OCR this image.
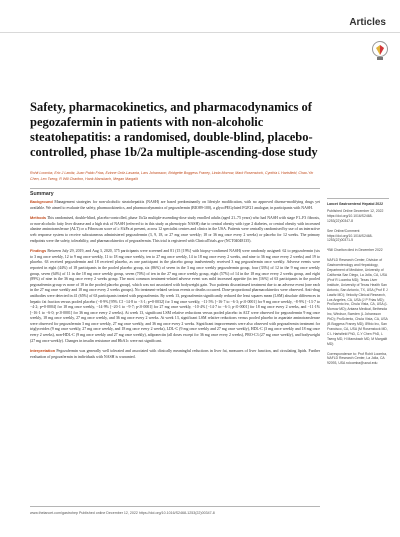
Articles
Safety, pharmacokinetics, and pharmacodynamics of pegozafermin in patients with non-alcoholic steatohepatitis: a randomised, double-blind, placebo-controlled, phase 1b/2a multiple-ascending-dose study
Rohit Loomba, Eric J Lawitz, Juan Pablo Frias, Ezinne Ortiz-Lasanta, Lars Johansson, Bridgette Boggess Franey, Linda Morrow, Mark Rosenstock, Cynthia L Hartsfield, Chao-Yin Chen, Leo Tseng, R Will Charlton, Hank Mansbach, Megan Margalit
Summary

Background Management strategies for non-alcoholic steatohepatitis (NASH) are based predominantly on lifestyle modification, with no approved disease-modifying drugs yet available. We aimed to evaluate the safety, pharmacokinetics, and pharmacodynamics of pegozafermin (BIO89-100), a glycoPEGylated FGF21 analogue, in participants with NASH.

Methods This randomised, double-blind, placebo-controlled, phase 1b/2a multiple-ascending-dose study enrolled adults (aged 21–75 years) who had NASH with stage F1–F3 fibrosis, or non-alcoholic fatty liver disease and a high risk of NASH (referred to in this study as phenotypic NASH) due to central obesity with type 2 diabetes, or central obesity with increased alanine aminotransferase (ALT) or a Fibroscan score of ≥ 8 kPa at present, across 12 specialist centres and clinics in the USA. Patients were centrally randomised by use of an interactive web response system to receive subcutaneous administered pegozafermin (3, 9, 18, or 27 mg once weekly; 18 or 36 mg once every 2 weeks) or placebo for 12 weeks. The primary endpoints were the safety, tolerability, and pharmacokinetics of pegozafermin. This trial is registered with ClinicalTrials.gov (NCT04048135).

Findings Between July 29, 2019, and Aug 3, 2020, 375 participants were screened and 81 (15 [19%] with biopsy-confirmed NASH) were randomly assigned: 62 to pegozafermin (six to 3 mg once weekly, 12 to 9 mg once weekly, 11 to 18 mg once weekly, ten to 27 mg once weekly, 14 to 18 mg once every 2 weeks, and nine to 36 mg once every 2 weeks) and 19 to placebo. 63 received pegozafermin and 18 received placebo, as one participant in the placebo group inadvertently received 3 mg pegozafermin once weekly. Adverse events were reported in eight (44%) of 18 participants in the pooled placebo group, six (86%) of seven in the 3 mg once weekly pegozafermin group, four (33%) of 12 in the 9 mg once weekly group, seven (64%) of 11 in the 18 mg once weekly group, seven (70%) of ten in the 27 mg once weekly group, eight (57%) of 14 in the 18 mg once every 2 weeks group, and eight (89%) of nine in the 36 mg once every 2 weeks group. The most common treatment-related adverse event was mild increased appetite (in ten [16%] of 63 participants in the pooled pegozafermin group vs none of 18 in the pooled placebo group), which was not associated with bodyweight gain. Two patients discontinued treatment due to an adverse event (one each in the 27 mg once weekly and 18 mg once every 2 weeks groups). No treatment-related serious events or deaths occurred. Dose-proportional pharmacokinetics were observed. Anti-drug antibodies were detected in 41 (65%) of 63 participants treated with pegozafermin. By week 13, pegozafermin significantly reduced the least squares mean (LSM) absolute differences in hepatic fat fraction versus pooled placebo (−8·9% [95% CI −14·8 to −3·1; p=0·0032] for 3 mg once weekly, −11·5% [−16·7 to −6·3; p<0·0001] for 9 mg once weekly, −8·9% [−13·7 to −4·2; p=0·0004] for 18 mg once weekly, −14·9% [−20·1 to −9·7; p<0·0001] for 27 mg once weekly, −10·4% [−14·7 to −6·1; p<0·0001] for 18 mg once every 2 weeks, and −11·1% [−16·1 to −6·0; p<0·0001] for 36 mg once every 2 weeks). At week 13, significant LSM relative reductions versus pooled placebo in ALT were observed for pegozafermin 9 mg once weekly, 18 mg once weekly, 27 mg once weekly, and 36 mg once every 2 weeks. At week 13, significant LSM relative reductions versus pooled placebo in aspartate aminotransferase were observed for pegozafermin 3 mg once weekly, 27 mg once weekly, and 36 mg once every 2 weeks. Significant improvements were also observed with pegozafermin treatment for triglycerides (9 mg once weekly, 27 mg once weekly, and 18 mg once every 2 weeks), LDL-C (9 mg once weekly and 27 mg once weekly), HDL-C (3 mg once weekly and 18 mg once every 2 weeks), non-HDL-C (9 mg once weekly and 27 mg once weekly), adiponectin (all doses except for 36 mg once every 2 weeks), PRO-C3 (27 mg once weekly), and bodyweight (27 mg once weekly). Changes in insulin resistance and HbA1c were not significant.

Interpretation Pegozafermin was generally well tolerated and associated with clinically meaningful reductions in liver fat, measures of liver function, and circulating lipids. Further evaluation of pegozafermin in individuals with NASH is warranted.

Lancet Gastroenterol Hepatol 2022
Published Online December 12, 2022 https://doi.org/10.1016/S2468-1253(22)00347-8
See Online/Comment https://doi.org/10.1016/S2468-1253(22)00371-5
*Bill Charlton died in December 2022
NAFLD Research Center, Division of Gastroenterology and Hepatology, Department of Medicine, University of California San Diego, La Jolla, CA, USA (Prof R Loomba MD); Texas Liver Institute, University of Texas Health San Antonio, San Antonio, TX, USA (Prof E J Lawitz MD); Velocity Clinical Research, Los Angeles, CA, USA (J P Frias MD); ProSciento Inc, Chula Vista, CA, USA (L Morrow MD); Antaea Medical, Bethesda Inc, Windsor, Sweden (L Johansson PhD); ProSciento, Chula Vista, CA, USA (B Boggess Franey MD); 89bio Inc, San Francisco, CA, USA (M Rosenstock MD, C L Hartsfield PhD, C-Y Chen PhD, L Tseng MD, H Mansbach MD, M Margalit MD)
Correspondence to: Prof Rohit Loomba, NAFLD Research Center, La Jolla, CA 92093, USA roloomba@ucsd.edu
www.thelancet.com/gastrohep Published online December 12, 2022 https://doi.org/10.1016/S2468-1253(22)00347-8
